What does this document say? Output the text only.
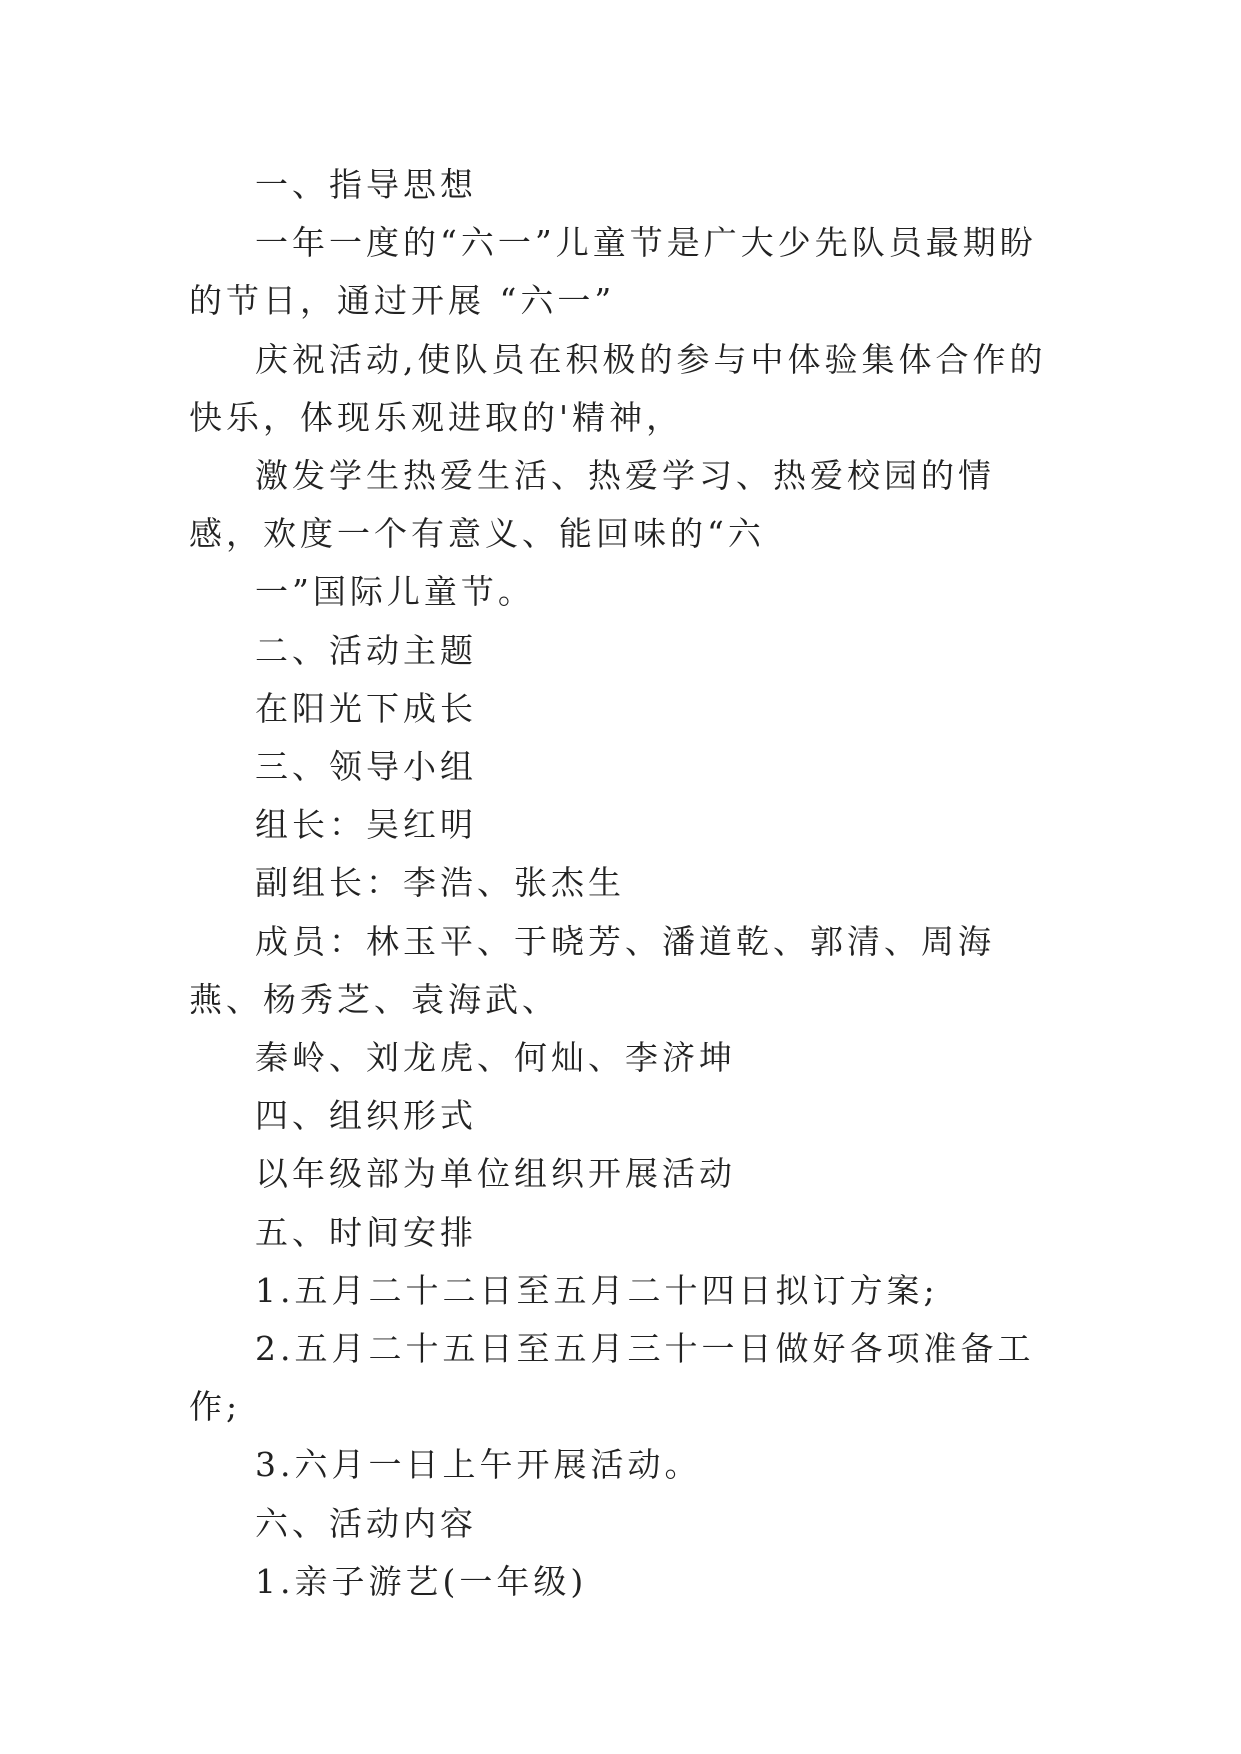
一、指导思想

一年一度的“六一”儿童节是广大少先队员最期盼的节日，通过开展 “六一”

庆祝活动,使队员在积极的参与中体验集体合作的快乐，体现乐观进取的'精神，

激发学生热爱生活、热爱学习、热爱校园的情感，欢度一个有意义、能回味的“六

一”国际儿童节。

二、活动主题

在阳光下成长

三、领导小组

组长：吴红明

副组长：李浩、张杰生

成员：林玉平、于晓芳、潘道乾、郭清、周海燕、杨秀芝、袁海武、

秦岭、刘龙虎、何灿、李济坤

四、组织形式

以年级部为单位组织开展活动

五、时间安排

1.五月二十二日至五月二十四日拟订方案;

2.五月二十五日至五月三十一日做好各项准备工作;

3.六月一日上午开展活动。

六、活动内容

1.亲子游艺(一年级)
